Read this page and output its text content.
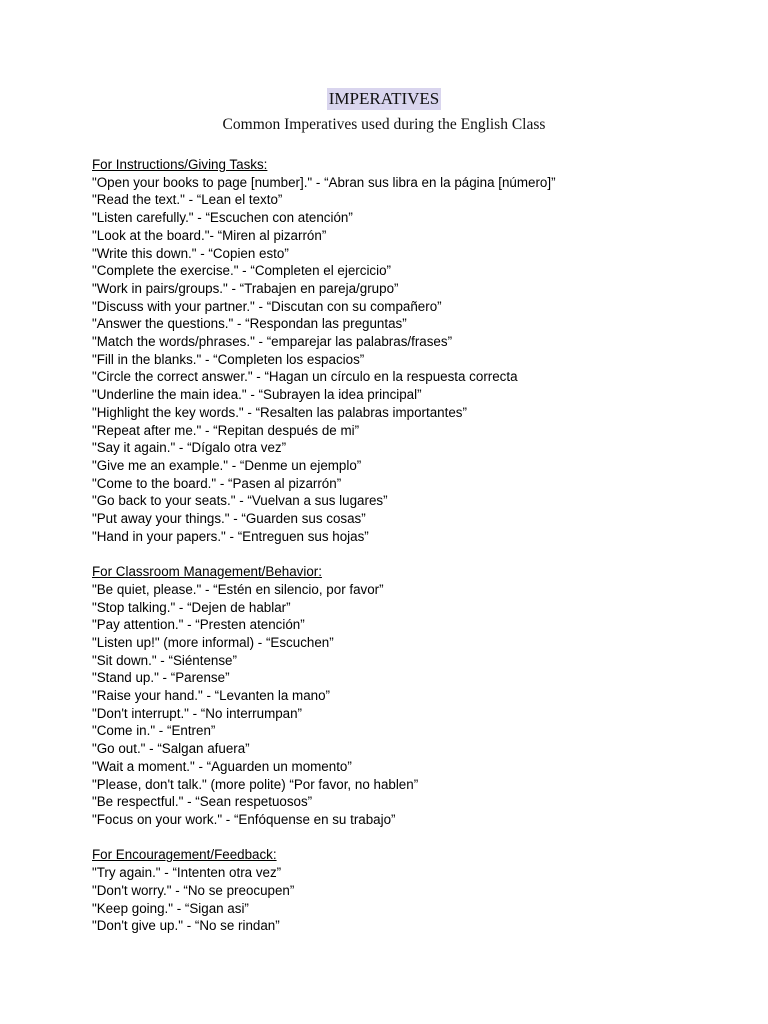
IMPERATIVES
Common Imperatives used during the English Class
For Instructions/Giving Tasks:
"Open your books to page [number]." - “Abran sus libra en la página [número]”
"Read the text." - “Lean el texto”
"Listen carefully." - “Escuchen con atención”
"Look at the board."- “Miren al pizarrón”
"Write this down." - “Copien esto”
"Complete the exercise." - “Completen el ejercicio”
"Work in pairs/groups." - “Trabajen en pareja/grupo”
"Discuss with your partner." - “Discutan con su compañero”
"Answer the questions." - “Respondan las preguntas”
"Match the words/phrases." - “emparejar las palabras/frases”
"Fill in the blanks." - “Completen los espacios”
"Circle the correct answer." - “Hagan un círculo en la respuesta correcta
"Underline the main idea." - “Subrayen la idea principal”
"Highlight the key words." - “Resalten las palabras importantes”
"Repeat after me." - “Repitan después de mi”
"Say it again." - “Dígalo otra vez”
"Give me an example." - “Denme un ejemplo”
"Come to the board." - “Pasen al pizarrón”
"Go back to your seats." - “Vuelvan a sus lugares”
"Put away your things." - “Guarden sus cosas”
"Hand in your papers." - “Entreguen sus hojas”
For Classroom Management/Behavior:
"Be quiet, please." - “Estén en silencio, por favor”
"Stop talking." - “Dejen de hablar”
"Pay attention." - “Presten atención”
"Listen up!" (more informal) - “Escuchen”
"Sit down." - “Siéntense”
"Stand up." - “Parense”
"Raise your hand." - “Levanten la mano”
"Don't interrupt." - “No interrumpan”
"Come in." - “Entren”
"Go out." - “Salgan afuera”
"Wait a moment." - “Aguarden un momento”
"Please, don't talk." (more polite) “Por favor, no hablen”
"Be respectful." - “Sean respetuosos”
"Focus on your work." - “Enfóquense en su trabajo”
For Encouragement/Feedback:
"Try again." - “Intenten otra vez”
"Don't worry." - “No se preocupen”
"Keep going." - “Sigan asi”
"Don't give up." - “No se rindan”
